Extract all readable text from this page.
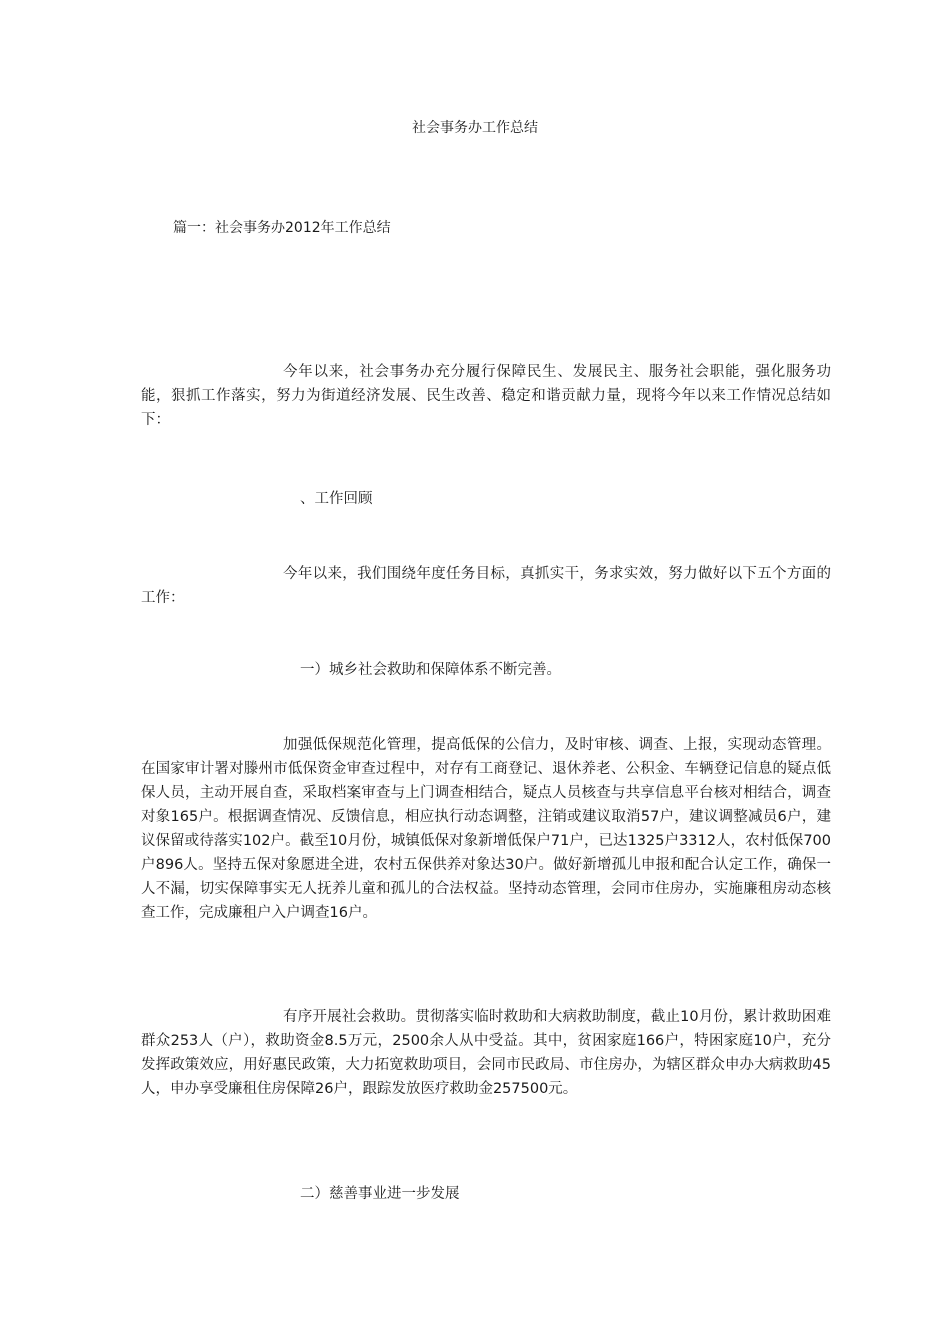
社会事务办工作总结
篇一：社会事务办2012年工作总结
今年以来，社会事务办充分履行保障民生、发展民主、服务社会职能，强化服务功能，狠抓工作落实，努力为街道经济发展、民生改善、稳定和谐贡献力量，现将今年以来工作情况总结如下：
、工作回顾
今年以来，我们围绕年度任务目标，真抓实干，务求实效，努力做好以下五个方面的工作：
一）城乡社会救助和保障体系不断完善。
加强低保规范化管理，提高低保的公信力，及时审核、调查、上报，实现动态管理。在国家审计署对滕州市低保资金审查过程中，对存有工商登记、退休养老、公积金、车辆登记信息的疑点低保人员，主动开展自查，采取档案审查与上门调查相结合，疑点人员核查与共享信息平台核对相结合，调查对象165户。根据调查情况、反馈信息，相应执行动态调整，注销或建议取消57户，建议调整减员6户，建议保留或待落实102户。截至10月份，城镇低保对象新增低保户71户，已达1325户3312人，农村低保700户896人。坚持五保对象愿进全进，农村五保供养对象达30户。做好新增孤儿申报和配合认定工作，确保一人不漏，切实保障事实无人抚养儿童和孤儿的合法权益。坚持动态管理，会同市住房办，实施廉租房动态核查工作，完成廉租户入户调查16户。
有序开展社会救助。贯彻落实临时救助和大病救助制度，截止10月份，累计救助困难群众253人（户），救助资金8.5万元，2500余人从中受益。其中，贫困家庭166户，特困家庭10户，充分发挥政策效应，用好惠民政策，大力拓宽救助项目，会同市民政局、市住房办，为辖区群众申办大病救助45人，申办享受廉租住房保障26户，跟踪发放医疗救助金257500元。
二）慈善事业进一步发展
